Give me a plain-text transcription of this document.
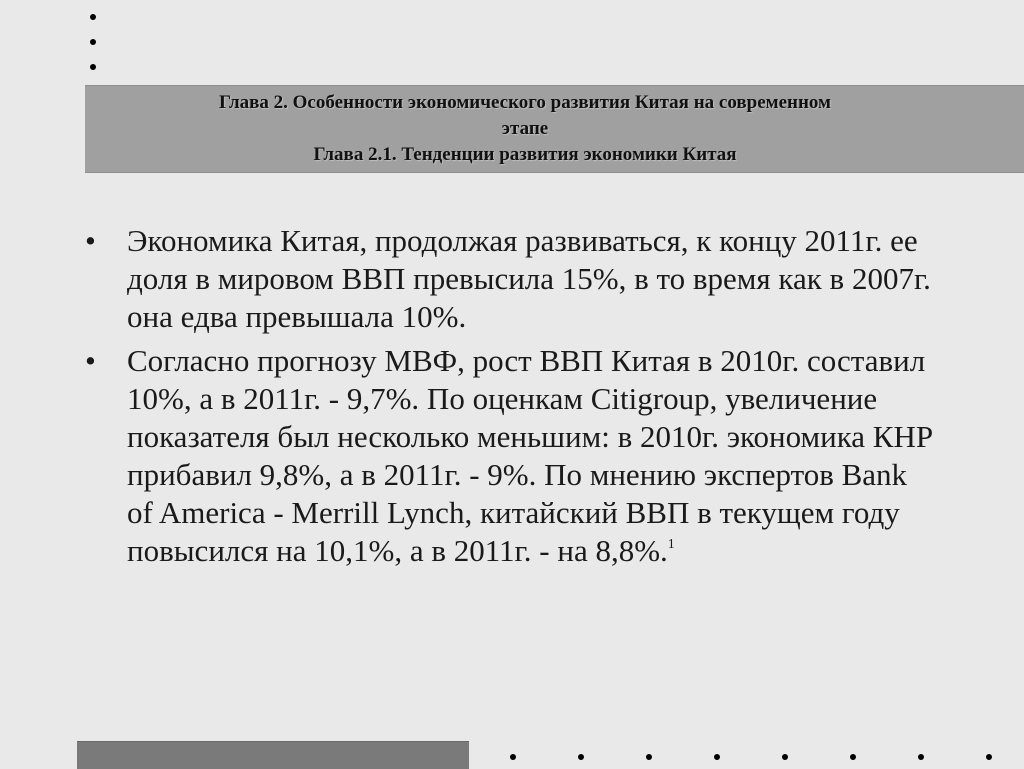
Глава 2. Особенности экономического развития Китая на современном
этапе
Глава 2.1. Тенденции развития экономики Китая
• Экономика Китая, продолжая развиваться, к концу 2011г. ее доля в мировом ВВП превысила 15%, в то время как в 2007г. она едва превышала 10%.
• Согласно прогнозу МВФ, рост ВВП Китая в 2010г. составил 10%, а в 2011г. - 9,7%. По оценкам Citigroup, увеличение показателя был несколько меньшим: в 2010г. экономика КНР прибавил 9,8%, а в 2011г. - 9%. По мнению экспертов Bank of America - Merrill Lynch, китайский ВВП в текущем году повысился на 10,1%, а в 2011г. - на 8,8%.$^1$
